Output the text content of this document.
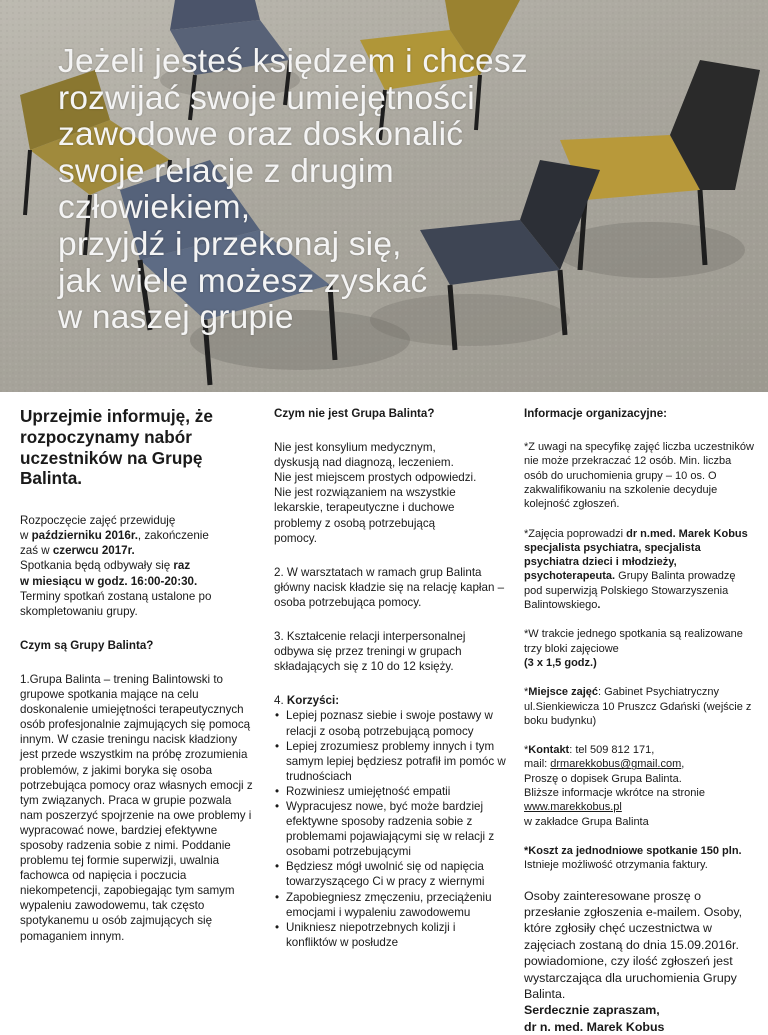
Jeżeli jesteś księdzem i chcesz
rozwijać swoje umiejętności
zawodowe oraz doskonalić
swoje relacje z drugim
człowiekiem,
przyjdź i przekonaj się,
jak wiele możesz zyskać
w naszej grupie

Uprzejmie informuję, że rozpoczynamy nabór uczestników na Grupę Balinta.

Rozpoczęcie zajęć przewiduję
w październiku 2016r., zakończenie
zaś w czerwcu 2017r.
Spotkania będą odbywały się raz
w miesiącu w godz. 16:00-20:30.
Terminy spotkań zostaną ustalone po skompletowaniu grupy.

Czym są Grupy Balinta?

1.Grupa Balinta – trening Balintowski to grupowe spotkania mające na celu doskonalenie umiejętności terapeutycznych osób profesjonalnie zajmujących się pomocą innym. W czasie treningu nacisk kładziony jest przede wszystkim na próbę zrozumienia problemów, z jakimi boryka się osoba potrzebująca pomocy oraz własnych emocji z tym związanych. Praca w grupie pozwala nam poszerzyć spojrzenie na owe problemy i wypracować nowe, bardziej efektywne sposoby radzenia sobie z nimi. Poddanie problemu tej formie superwizji, uwalnia fachowca od napięcia i poczucia niekompetencji, zapobiegając tym samym wypaleniu zawodowemu, tak często spotykanemu u osób zajmujących się pomaganiem innym.

Czym nie jest Grupa Balinta?

Nie jest konsylium medycznym,
dyskusją nad diagnozą, leczeniem.
Nie jest miejscem prostych odpowiedzi.
Nie jest rozwiązaniem na wszystkie
lekarskie, terapeutyczne i duchowe
problemy z osobą potrzebującą
pomocy.

2. W warsztatach w ramach grup Balinta główny nacisk kładzie się na relację kapłan –osoba potrzebująca pomocy.

3. Kształcenie relacji interpersonalnej odbywa się przez treningi w grupach składających się z 10 do 12 księży.

4. Korzyści:

• Lepiej poznasz siebie i swoje postawy w relacji z osobą potrzebującą pomocy
• Lepiej zrozumiesz problemy innych i tym samym lepiej będziesz potrafił im pomóc w trudnościach
• Rozwiniesz umiejętność empatii
• Wypracujesz nowe, być może bardziej efektywne sposoby radzenia sobie z problemami pojawiającymi się w relacji z osobami potrzebującymi
• Będziesz mógł uwolnić się od napięcia towarzyszącego Ci w pracy z wiernymi
• Zapobiegniesz zmęczeniu, przeciążeniu emocjami i wypaleniu zawodowemu
• Unikniesz niepotrzebnych kolizji i konfliktów w posłudze

Informacje organizacyjne:

*Z uwagi na specyfikę zajęć liczba uczestników nie może przekraczać 12 osób. Min. liczba osób do uruchomienia grupy – 10 os. O zakwalifikowaniu na szkolenie decyduje kolejność zgłoszeń.

*Zajęcia poprowadzi dr n.med. Marek Kobus specjalista psychiatra, specjalista psychiatra dzieci i młodzieży, psychoterapeuta. Grupy Balinta prowadzę pod superwizją Polskiego Stowarzyszenia Balintowskiego.

*W trakcie jednego spotkania są realizowane trzy bloki zajęciowe
(3 x 1,5 godz.)

*Miejsce zajęć: Gabinet Psychiatryczny ul.Sienkiewicza 10 Pruszcz Gdański (wejście z boku budynku)

*Kontakt: tel 509 812 171,
mail: drmarekkobus@gmail.com,
Proszę o dopisek Grupa Balinta.
Bliższe informacje wkrótce na stronie
www.marekkobus.pl
w zakładce Grupa Balinta

*Koszt za jednodniowe spotkanie 150 pln.
Istnieje możliwość otrzymania faktury.

Osoby zainteresowane proszę o przesłanie zgłoszenia e-mailem. Osoby, które zgłosiły chęć uczestnictwa w zajęciach zostaną do dnia 15.09.2016r. powiadomione, czy ilość zgłoszeń jest wystarczająca dla uruchomienia Grupy Balinta.
Serdecznie zapraszam,
dr n. med. Marek Kobus
